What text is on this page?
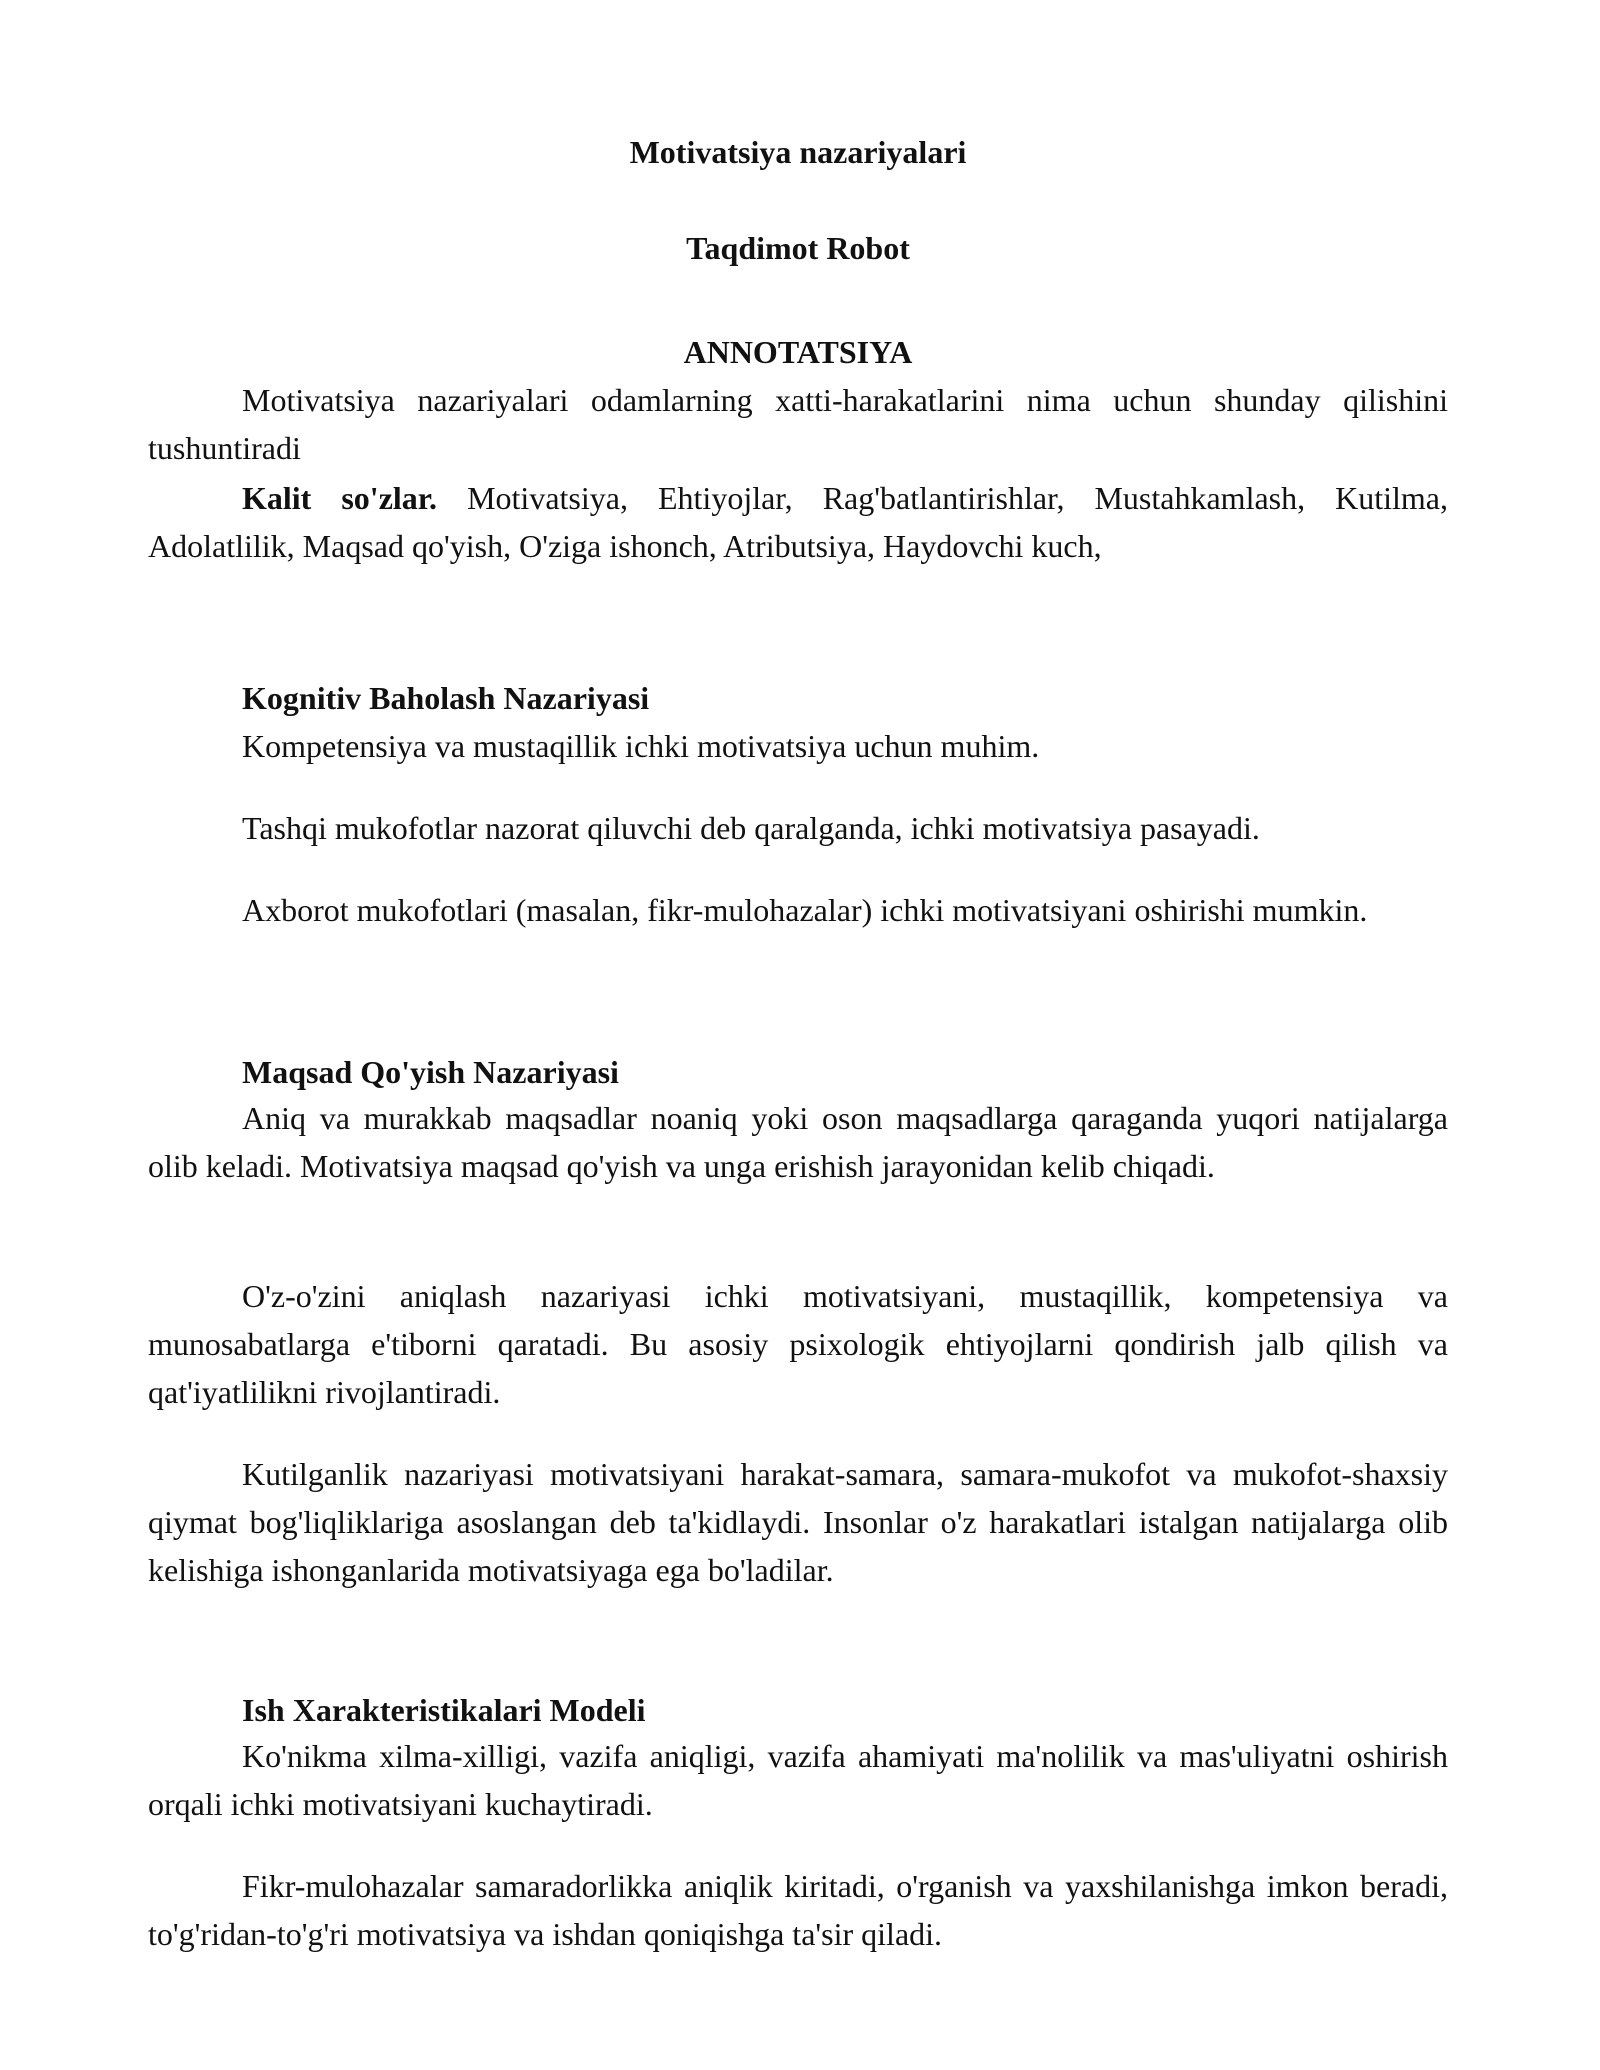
Motivatsiya nazariyalari
Taqdimot Robot
ANNOTATSIYA

Motivatsiya nazariyalari odamlarning xatti-harakatlarini nima uchun shunday qilishini tushuntiradi

Kalit so'zlar. Motivatsiya, Ehtiyojlar, Rag'batlantirishlar, Mustahkamlash, Kutilma, Adolatlilik, Maqsad qo'yish, O'ziga ishonch, Atributsiya, Haydovchi kuch,

Kognitiv Baholash Nazariyasi

Kompetensiya va mustaqillik ichki motivatsiya uchun muhim.

Tashqi mukofotlar nazorat qiluvchi deb qaralganda, ichki motivatsiya pasayadi.

Axborot mukofotlari (masalan, fikr-mulohazalar) ichki motivatsiyani oshirishi mumkin.

Maqsad Qo'yish Nazariyasi

Aniq va murakkab maqsadlar noaniq yoki oson maqsadlarga qaraganda yuqori natijalarga olib keladi. Motivatsiya maqsad qo'yish va unga erishish jarayonidan kelib chiqadi.

O'z-o'zini aniqlash nazariyasi ichki motivatsiyani, mustaqillik, kompetensiya va munosabatlarga e'tiborni qaratadi. Bu asosiy psixologik ehtiyojlarni qondirish jalb qilish va qat'iyatlilikni rivojlantiradi.

Kutilganlik nazariyasi motivatsiyani harakat-samara, samara-mukofot va mukofot-shaxsiy qiymat bog'liqliklariga asoslangan deb ta'kidlaydi. Insonlar o'z harakatlari istalgan natijalarga olib kelishiga ishonganlarida motivatsiyaga ega bo'ladilar.

Ish Xarakteristikalari Modeli

Ko'nikma xilma-xilligi, vazifa aniqligi, vazifa ahamiyati ma'nolilik va mas'uliyatni oshirish orqali ichki motivatsiyani kuchaytiradi.

Fikr-mulohazalar samaradorlikka aniqlik kiritadi, o'rganish va yaxshilanishga imkon beradi, to'g'ridan-to'g'ri motivatsiya va ishdan qoniqishga ta'sir qiladi.
